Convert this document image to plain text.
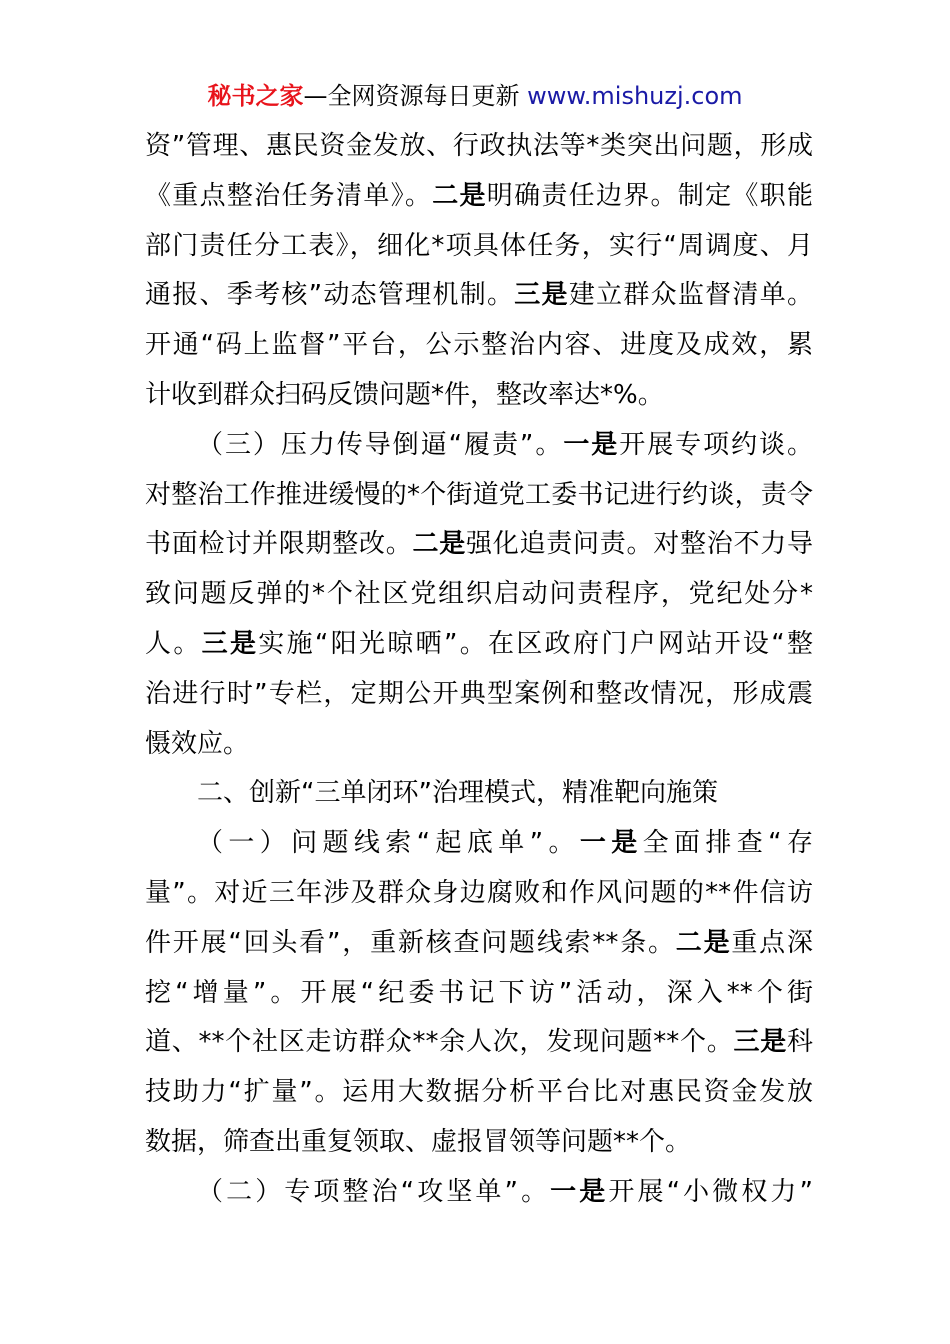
秘书之家—全网资源每日更新 www.mishuzj.com
资”管理、惠民资金发放、行政执法等*类突出问题，形成
《重点整治任务清单》。二是明确责任边界。制定《职能
部门责任分工表》，细化*项具体任务，实行“周调度、月
通报、季考核”动态管理机制。三是建立群众监督清单。
开通“码上监督”平台，公示整治内容、进度及成效，累
计收到群众扫码反馈问题*件，整改率达*%。
（三）压力传导倒逼“履责”。一是开展专项约谈。
对整治工作推进缓慢的*个街道党工委书记进行约谈，责令
书面检讨并限期整改。二是强化追责问责。对整治不力导
致问题反弹的*个社区党组织启动问责程序，党纪处分*
人。三是实施“阳光晾晒”。在区政府门户网站开设“整
治进行时”专栏，定期公开典型案例和整改情况，形成震
慑效应。
二、创新“三单闭环”治理模式，精准靶向施策
（一）问题线索“起底单”。一是全面排查“存
量”。对近三年涉及群众身边腐败和作风问题的**件信访
件开展“回头看”，重新核查问题线索**条。二是重点深
挖“增量”。开展“纪委书记下访”活动，深入**个街
道、**个社区走访群众**余人次，发现问题**个。三是科
技助力“扩量”。运用大数据分析平台比对惠民资金发放
数据，筛查出重复领取、虚报冒领等问题**个。
（二）专项整治“攻坚单”。一是开展“小微权力”
